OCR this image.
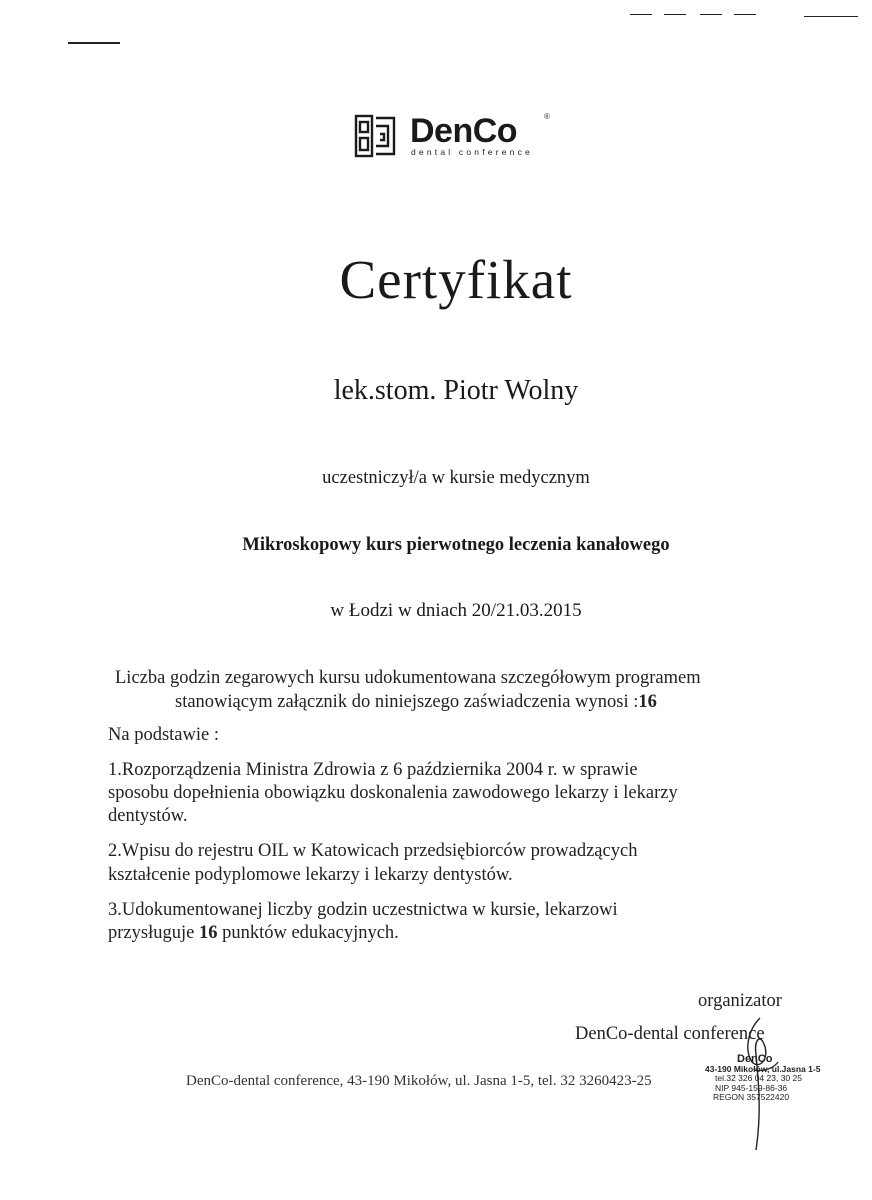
DenCo	®
dental conference
Certyfikat
lek.stom. Piotr Wolny
uczestniczył/a w kursie medycznym
Mikroskopowy kurs pierwotnego leczenia kanałowego
w Łodzi w dniach 20/21.03.2015
Liczba godzin zegarowych kursu udokumentowana szczegółowym programem
stanowiącym załącznik do niniejszego zaświadczenia wynosi :16
Na podstawie :
1.Rozporządzenia Ministra Zdrowia z 6 października 2004 r. w sprawie
sposobu dopełnienia obowiązku doskonalenia zawodowego lekarzy i lekarzy
dentystów.
2.Wpisu do rejestru OIL w Katowicach przedsiębiorców prowadzących
kształcenie podyplomowe lekarzy i lekarzy dentystów.
3.Udokumentowanej liczby godzin uczestnictwa w kursie, lekarzowi
przysługuje 16 punktów edukacyjnych.
organizator
DenCo-dental conference
DenCo-dental conference, 43-190 Mikołów, ul. Jasna 1-5, tel. 32 3260423-25
DenCo
43-190 Mikołów, ul.Jasna 1-5
tel.32 326 04 23, 30 25
NIP 945-159-86-36
REGON 357522420
